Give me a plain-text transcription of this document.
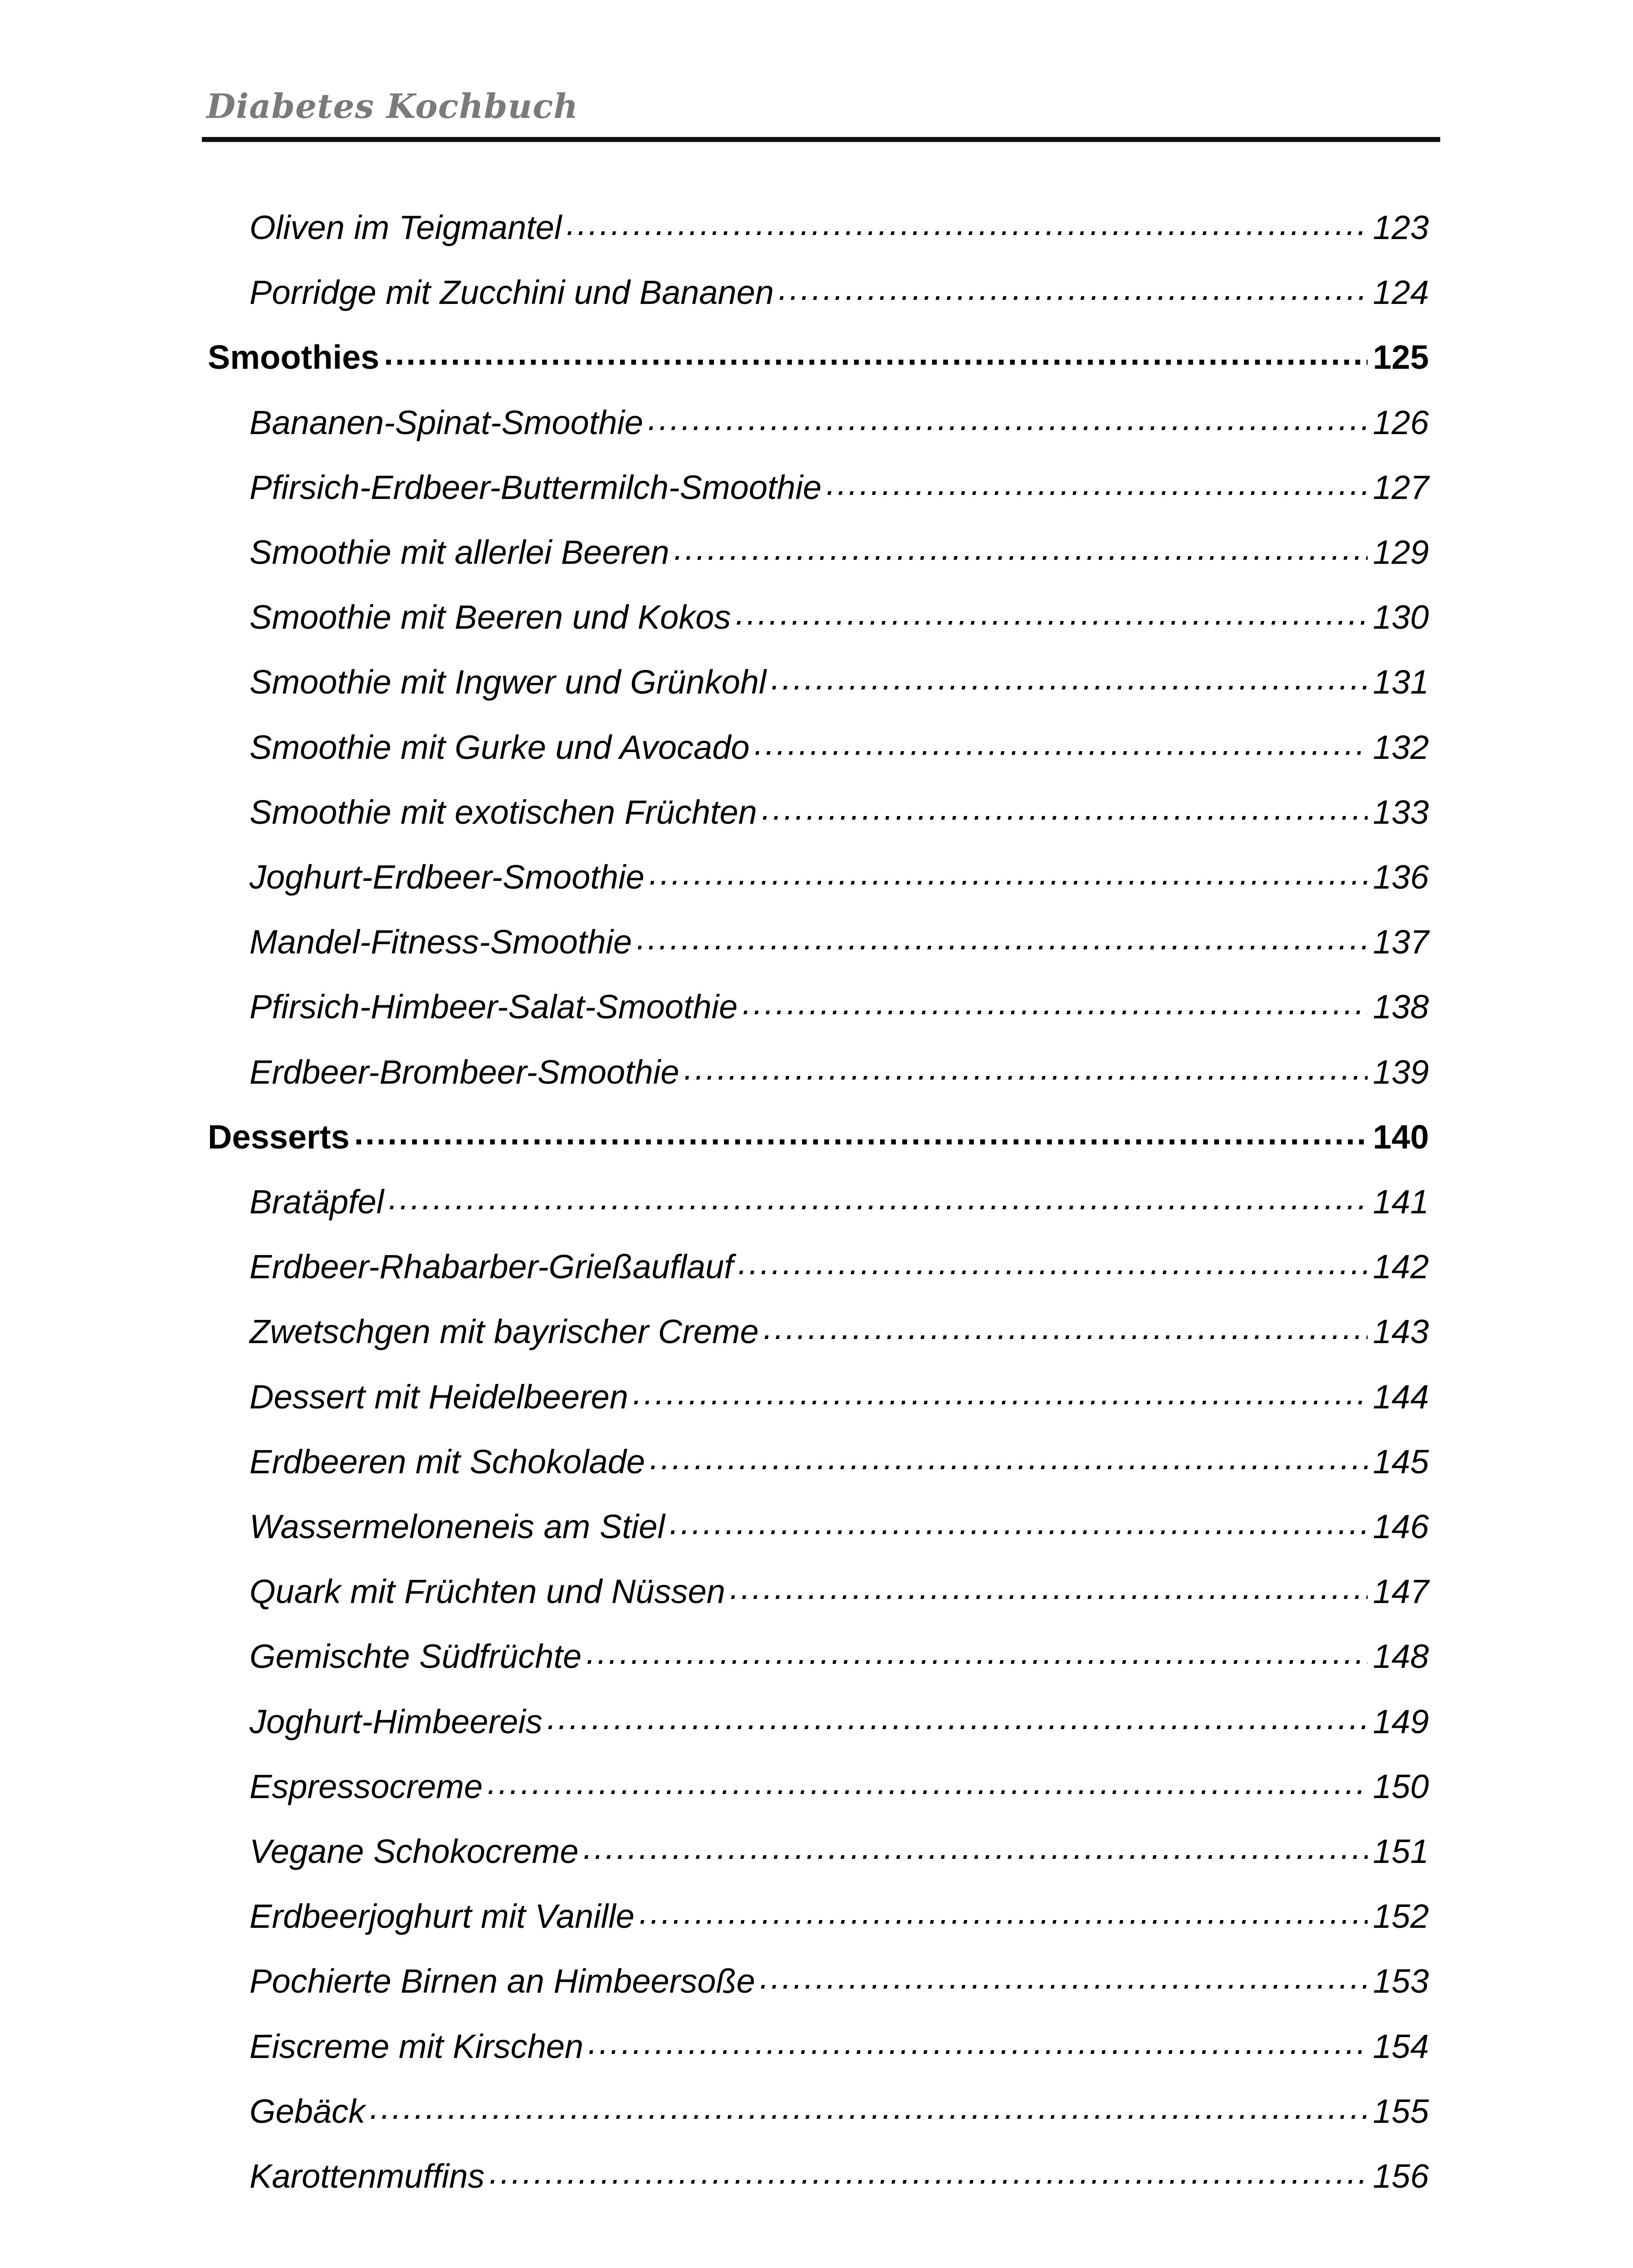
Diabetes Kochbuch
Oliven im Teigmantel .....	123
Porridge mit Zucchini und Bananen .....	124
Smoothies .....	125
Bananen-Spinat-Smoothie .....	126
Pfirsich-Erdbeer-Buttermilch-Smoothie .....	127
Smoothie mit allerlei Beeren .....	129
Smoothie mit Beeren und Kokos .....	130
Smoothie mit Ingwer und Grünkohl .....	131
Smoothie mit Gurke und Avocado .....	132
Smoothie mit exotischen Früchten .....	133
Joghurt-Erdbeer-Smoothie .....	136
Mandel-Fitness-Smoothie .....	137
Pfirsich-Himbeer-Salat-Smoothie .....	138
Erdbeer-Brombeer-Smoothie .....	139
Desserts .....	140
Bratäpfel .....	141
Erdbeer-Rhabarber-Grießauflauf .....	142
Zwetschgen mit bayrischer Creme .....	143
Dessert mit Heidelbeeren .....	144
Erdbeeren mit Schokolade .....	145
Wassermeloneneis am Stiel .....	146
Quark mit Früchten und Nüssen .....	147
Gemischte Südfrüchte .....	148
Joghurt-Himbeereis .....	149
Espressocreme .....	150
Vegane Schokocreme .....	151
Erdbeerjoghurt mit Vanille .....	152
Pochierte Birnen an Himbeersoße .....	153
Eiscreme mit Kirschen .....	154
Gebäck .....	155
Karottenmuffins .....	156
